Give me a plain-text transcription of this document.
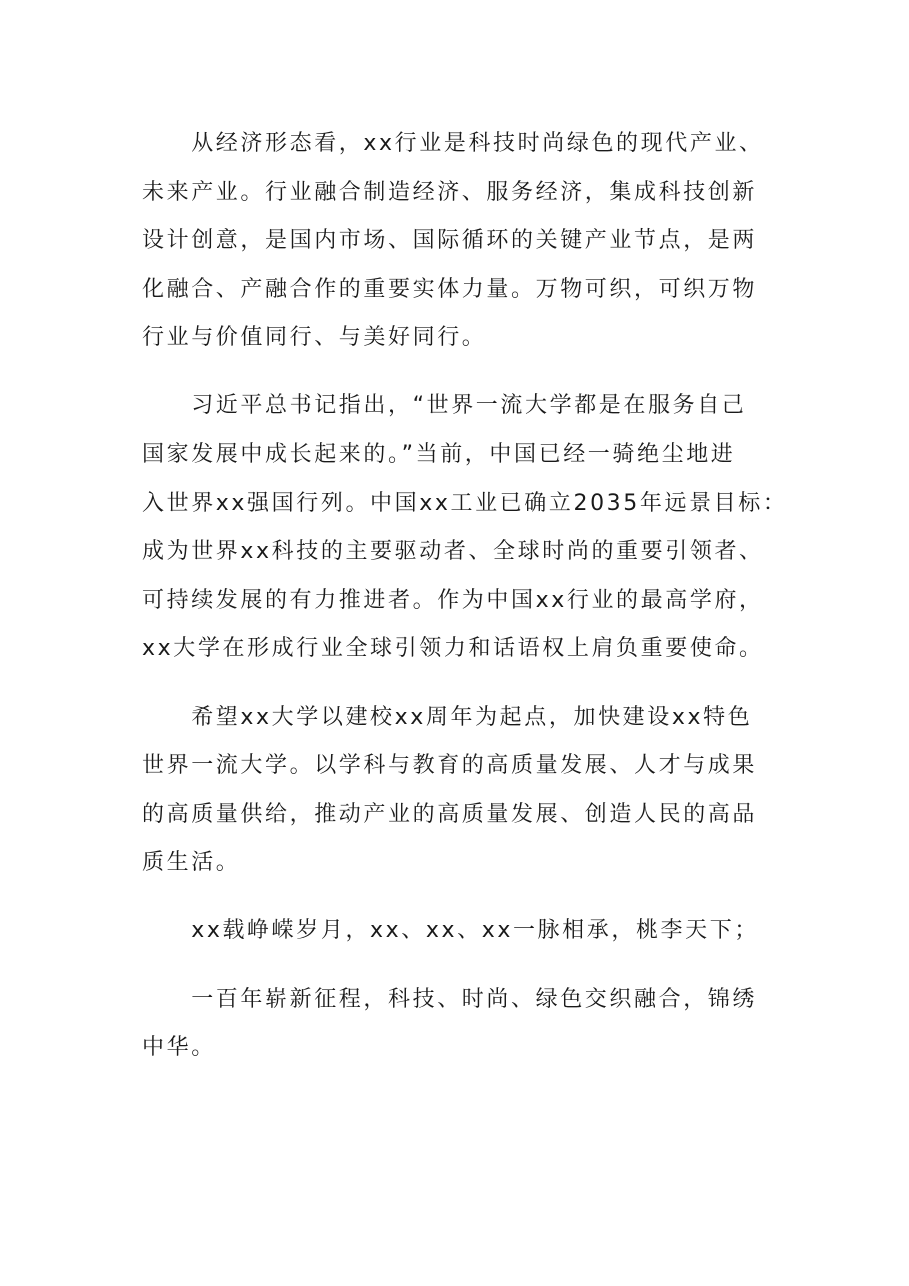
　　从经济形态看，xx行业是科技时尚绿色的现代产业、
未来产业。行业融合制造经济、服务经济，集成科技创新
设计创意，是国内市场、国际循环的关键产业节点，是两
化融合、产融合作的重要实体力量。万物可织，可织万物
行业与价值同行、与美好同行。
　　习近平总书记指出，“世界一流大学都是在服务自己
国家发展中成长起来的。”当前，中国已经一骑绝尘地进
入世界xx强国行列。中国xx工业已确立2035年远景目标：
成为世界xx科技的主要驱动者、全球时尚的重要引领者、
可持续发展的有力推进者。作为中国xx行业的最高学府，
xx大学在形成行业全球引领力和话语权上肩负重要使命。
　　希望xx大学以建校xx周年为起点，加快建设xx特色
世界一流大学。以学科与教育的高质量发展、人才与成果
的高质量供给，推动产业的高质量发展、创造人民的高品
质生活。
　　xx载峥嵘岁月，xx、xx、xx一脉相承，桃李天下；
　　一百年崭新征程，科技、时尚、绿色交织融合，锦绣
中华。
